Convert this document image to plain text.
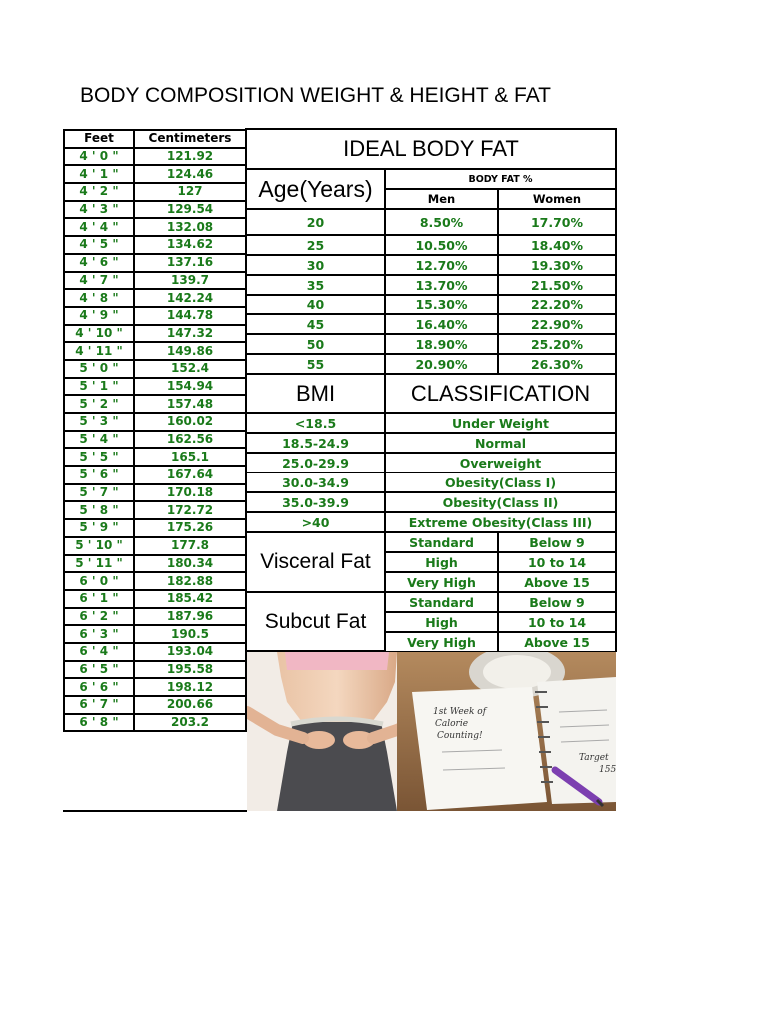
BODY COMPOSITION WEIGHT & HEIGHT & FAT
Feet	Centimeters
4 ' 0 "	121.92
4 ' 1 "	124.46
4 ' 2 "	127
4 ' 3 "	129.54
4 ' 4 "	132.08
4 ' 5 "	134.62
4 ' 6 "	137.16
4 ' 7 "	139.7
4 ' 8 "	142.24
4 ' 9 "	144.78
4 ' 10 "	147.32
4 ' 11 "	149.86
5 ' 0 "	152.4
5 ' 1 "	154.94
5 ' 2 "	157.48
5 ' 3 "	160.02
5 ' 4 "	162.56
5 ' 5 "	165.1
5 ' 6 "	167.64
5 ' 7 "	170.18
5 ' 8 "	172.72
5 ' 9 "	175.26
5 ' 10 "	177.8
5 ' 11 "	180.34
6 ' 0 "	182.88
6 ' 1 "	185.42
6 ' 2 "	187.96
6 ' 3 "	190.5
6 ' 4 "	193.04
6 ' 5 "	195.58
6 ' 6 "	198.12
6 ' 7 "	200.66
6 ' 8 "	203.2
IDEAL BODY FAT
Age(Years)	BODY FAT %
Men	Women
20	8.50%	17.70%
25	10.50%	18.40%
30	12.70%	19.30%
35	13.70%	21.50%
40	15.30%	22.20%
45	16.40%	22.90%
50	18.90%	25.20%
55	20.90%	26.30%
BMI	CLASSIFICATION
<18.5	Under Weight
18.5-24.9	Normal
25.0-29.9	Overweight
30.0-34.9	Obesity(Class I)
35.0-39.9	Obesity(Class II)
>40	Extreme Obesity(Class III)
Visceral Fat
Standard	Below 9
High	10 to 14
Very High	Above 15
Subcut Fat
Standard	Below 9
High	10 to 14
Very High	Above 15
1st Week of
Calorie
Counting!
Target
155
